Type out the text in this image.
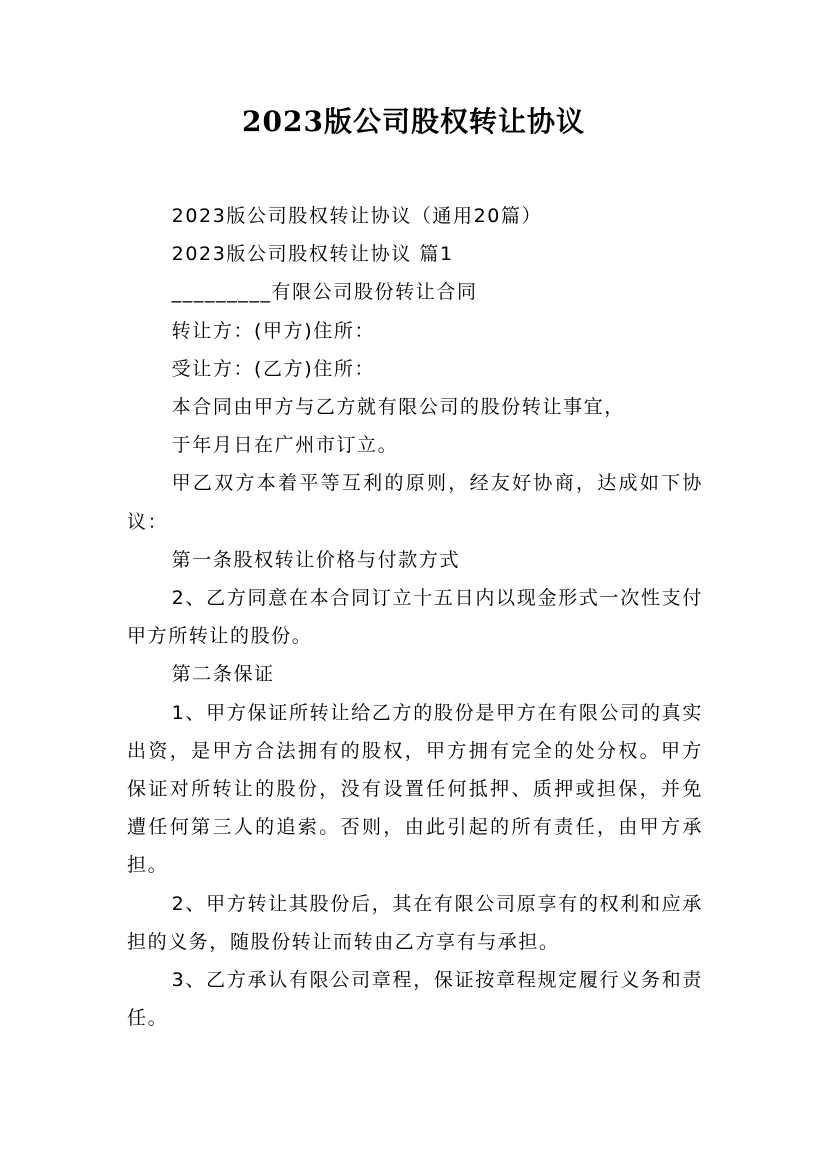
2023版公司股权转让协议

2023版公司股权转让协议（通用20篇）

2023版公司股权转让协议 篇1

_________有限公司股份转让合同

转让方：(甲方)住所：

受让方：(乙方)住所：

本合同由甲方与乙方就有限公司的股份转让事宜，

于年月日在广州市订立。

甲乙双方本着平等互利的原则，经友好协商，达成如下协议：

第一条股权转让价格与付款方式

2、乙方同意在本合同订立十五日内以现金形式一次性支付甲方所转让的股份。

第二条保证

1、甲方保证所转让给乙方的股份是甲方在有限公司的真实出资，是甲方合法拥有的股权，甲方拥有完全的处分权。甲方保证对所转让的股份，没有设置任何抵押、质押或担保，并免遭任何第三人的追索。否则，由此引起的所有责任，由甲方承担。

2、甲方转让其股份后，其在有限公司原享有的权利和应承担的义务，随股份转让而转由乙方享有与承担。

3、乙方承认有限公司章程，保证按章程规定履行义务和责任。
